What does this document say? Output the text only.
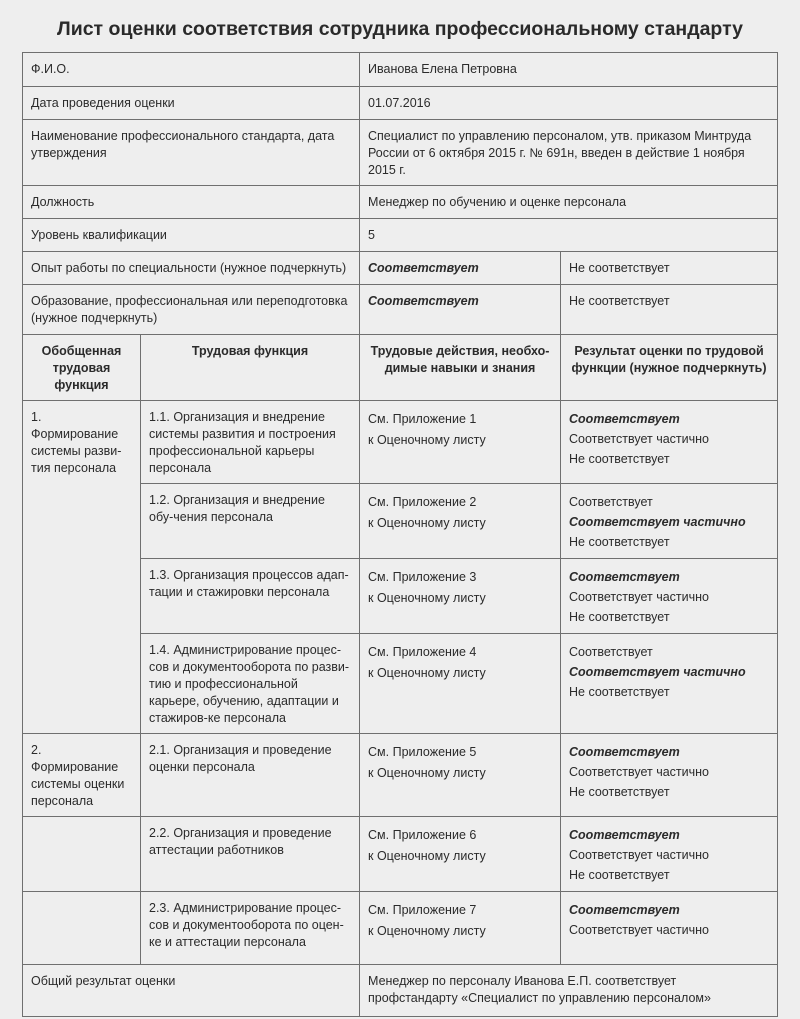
Лист оценки соответствия сотрудника профессиональному стандарту
Ф.И.О.		Иванова Елена Петровна	
Дата проведения оценки		01.07.2016	
Наименование профессионального стандарта, дата утверждения		Специалист по управлению персоналом, утв. приказом Минтруда России от 6 октября 2015 г. № 691н, введен в действие 1 ноября 2015 г.	
Должность		Менеджер по обучению и оценке персонала	
Уровень квалификации		5	
Опыт работы по специальности (нужное подчеркнуть)		Соответствует	Не соответствует
Образование, профессиональная или переподготовка (нужное подчеркнуть)		Соответствует	Не соответствует
Обобщенная трудовая функция	Трудовая функция	Трудовые действия, необхо-димые навыки и знания	Результат оценки по трудовой функции (нужное подчеркнуть)
1. Формирование системы разви-тия персонала	1.1. Организация и внедрение системы развития и построения профессиональной карьеры персонала	См. Приложение 1
к Оценочному листу	Соответствует
Соответствует частично
Не соответствует

	1.2. Организация и внедрение обу-чения персонала	См. Приложение 2
к Оценочному листу	Соответствует
Соответствует частично
Не соответствует

	1.3. Организация процессов адап-тации и стажировки персонала	См. Приложение 3
к Оценочному листу	Соответствует
Соответствует частично
Не соответствует

	1.4. Администрирование процес-сов и документооборота по разви-тию и профессиональной карьере, обучению, адаптации и стажиров-ке персонала	См. Приложение 4
к Оценочному листу	Соответствует
Соответствует частично
Не соответствует

2. Формирование системы оценки персонала	2.1. Организация и проведение оценки персонала	См. Приложение 5
к Оценочному листу	Соответствует
Соответствует частично
Не соответствует

	2.2. Организация и проведение аттестации работников	См. Приложение 6
к Оценочному листу	Соответствует
Соответствует частично
Не соответствует

	2.3. Администрирование процес-сов и документооборота по оцен-ке и аттестации персонала	См. Приложение 7
к Оценочному листу	Соответствует
Соответствует частично

Общий результат оценки		Менеджер по персоналу Иванова Е.П. соответствует профстандарту «Специалист по управлению персоналом»	
